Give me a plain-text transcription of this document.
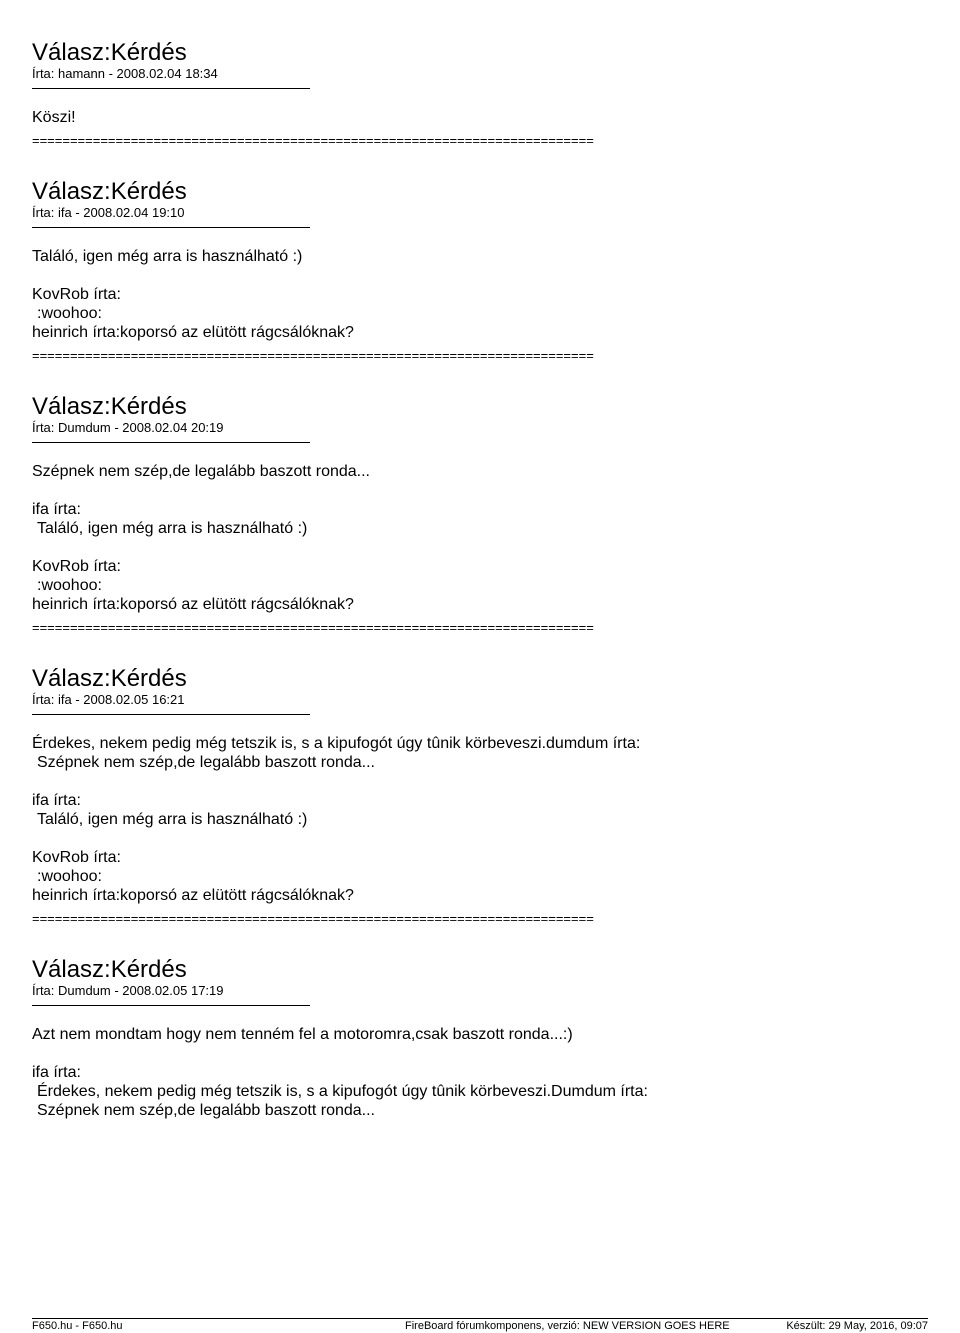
Válasz:Kérdés
Írta: hamann - 2008.02.04 18:34

Köszi!

==========================================================================
Válasz:Kérdés
Írta: ifa - 2008.02.04 19:10

Találó, igen még arra is használható :)

KovRob írta:

:woohoo:

heinrich írta:koporsó az elütött rágcsálóknak?

==========================================================================
Válasz:Kérdés
Írta: Dumdum - 2008.02.04 20:19

Szépnek nem szép,de legalább baszott ronda...

ifa írta:

Találó, igen még arra is használható :)

KovRob írta:

:woohoo:

heinrich írta:koporsó az elütött rágcsálóknak?

==========================================================================
Válasz:Kérdés
Írta: ifa - 2008.02.05 16:21

Érdekes, nekem pedig még tetszik is, s a kipufogót úgy tûnik körbeveszi.dumdum írta:

Szépnek nem szép,de legalább baszott ronda...

ifa írta:

Találó, igen még arra is használható :)

KovRob írta:

:woohoo:

heinrich írta:koporsó az elütött rágcsálóknak?

==========================================================================
Válasz:Kérdés
Írta: Dumdum - 2008.02.05 17:19

Azt nem mondtam hogy nem tenném fel a motoromra,csak baszott ronda...:)

ifa írta:

Érdekes, nekem pedig még tetszik is, s a kipufogót úgy tûnik körbeveszi.Dumdum írta:

Szépnek nem szép,de legalább baszott ronda...

F650.hu - F650.hu	FireBoard fórumkomponens, verzió: NEW VERSION GOES HERE	Készült: 29 May, 2016, 09:07
